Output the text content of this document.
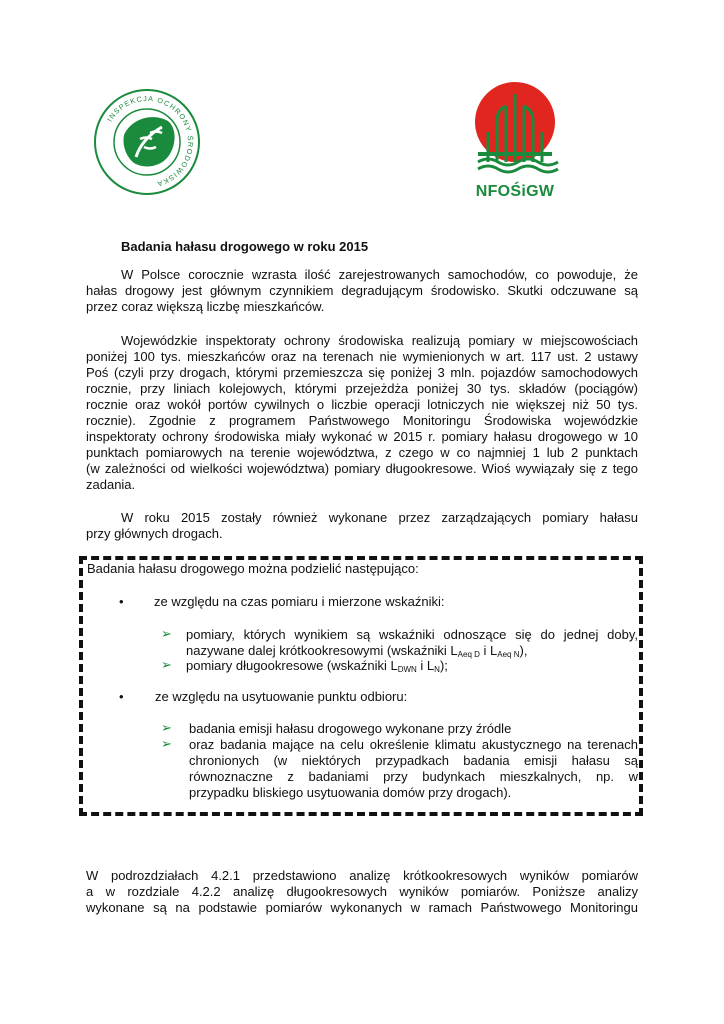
INSPEKCJA OCHRONY ŚRODOWISKA	NFOŚiGW
Badania hałasu drogowego w roku 2015
W Polsce corocznie wzrasta ilość zarejestrowanych samochodów, co powoduje, że
hałas drogowy jest głównym czynnikiem degradującym środowisko. Skutki odczuwane są
przez coraz większą liczbę mieszkańców.
Wojewódzkie inspektoraty ochrony środowiska realizują pomiary w miejscowościach
poniżej 100 tys. mieszkańców oraz na terenach nie wymienionych w art. 117 ust. 2 ustawy
Poś (czyli przy drogach, którymi przemieszcza się poniżej 3 mln. pojazdów samochodowych
rocznie, przy liniach kolejowych, którymi przejeżdża poniżej 30 tys. składów (pociągów)
rocznie oraz wokół portów cywilnych o liczbie operacji lotniczych nie większej niż 50 tys.
rocznie). Zgodnie z programem Państwowego Monitoringu Środowiska wojewódzkie
inspektoraty ochrony środowiska miały wykonać w 2015 r. pomiary hałasu drogowego w 10
punktach pomiarowych na terenie województwa, z czego w co najmniej 1 lub 2 punktach
(w zależności od wielkości województwa) pomiary długookresowe. Wioś wywiązały się z tego
zadania.
W roku 2015 zostały również wykonane przez zarządzających pomiary hałasu
przy głównych drogach.
Badania hałasu drogowego można podzielić następująco:
• ze względu na czas pomiaru i mierzone wskaźniki:
➢ pomiary, których wynikiem są wskaźniki odnoszące się do jednej doby,
nazywane dalej krótkookresowymi (wskaźniki $L_{Aeq D}$ i $L_{Aeq N}$),
➢ pomiary długookresowe (wskaźniki $L_{DWN}$ i $L_N$);
• ze względu na usytuowanie punktu odbioru:
➢ badania emisji hałasu drogowego wykonane przy źródle
➢ oraz badania mające na celu określenie klimatu akustycznego na terenach
chronionych (w niektórych przypadkach badania emisji hałasu są
równoznaczne z badaniami przy budynkach mieszkalnych, np. w
przypadku bliskiego usytuowania domów przy drogach).
W podrozdziałach 4.2.1 przedstawiono analizę krótkookresowych wyników pomiarów
a w rozdziale 4.2.2 analizę długookresowych wyników pomiarów. Poniższe analizy
wykonane są na podstawie pomiarów wykonanych w ramach Państwowego Monitoringu
